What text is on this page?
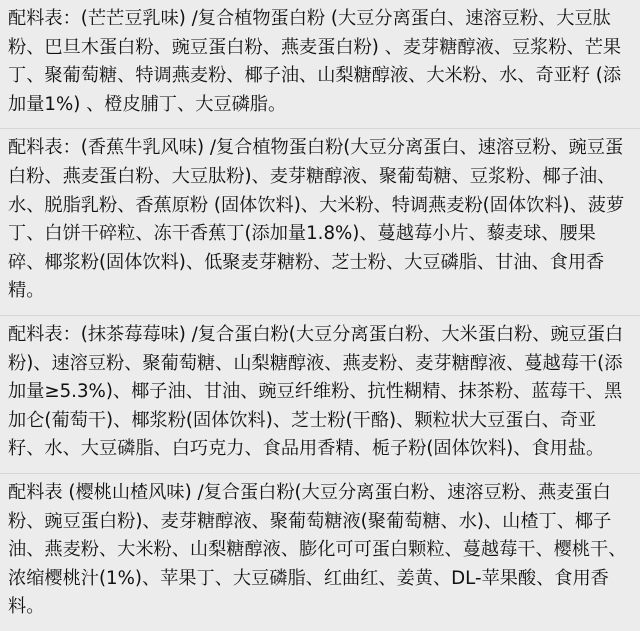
配料表：(芒芒豆乳味) /复合植物蛋白粉 (大豆分离蛋白、速溶豆粉、大豆肽粉、巴旦木蛋白粉、豌豆蛋白粉、燕麦蛋白粉) 、麦芽糖醇液、豆浆粉、芒果丁、聚葡萄糖、特调燕麦粉、椰子油、山梨糖醇液、大米粉、水、奇亚籽 (添加量1%) 、橙皮脯丁、大豆磷脂。

配料表：(香蕉牛乳风味) /复合植物蛋白粉(大豆分离蛋白、速溶豆粉、豌豆蛋白粉、燕麦蛋白粉、大豆肽粉)、麦芽糖醇液、聚葡萄糖、豆浆粉、椰子油、水、脱脂乳粉、香蕉原粉 (固体饮料)、大米粉、特调燕麦粉(固体饮料)、菠萝丁、白饼干碎粒、冻干香蕉丁(添加量1.8%)、蔓越莓小片、藜麦球、腰果碎、椰浆粉(固体饮料)、低聚麦芽糖粉、芝士粉、大豆磷脂、甘油、食用香精。

配料表：(抹茶莓莓味) /复合蛋白粉(大豆分离蛋白粉、大米蛋白粉、豌豆蛋白粉)、速溶豆粉、聚葡萄糖、山梨糖醇液、燕麦粉、麦芽糖醇液、蔓越莓干(添加量≥5.3%)、椰子油、甘油、豌豆纤维粉、抗性糊精、抹茶粉、蓝莓干、黑加仑(葡萄干)、椰浆粉(固体饮料)、芝士粉(干酪)、颗粒状大豆蛋白、奇亚籽、水、大豆磷脂、白巧克力、食品用香精、栀子粉(固体饮料)、食用盐。

配料表 (樱桃山楂风味) /复合蛋白粉(大豆分离蛋白粉、速溶豆粉、燕麦蛋白粉、豌豆蛋白粉)、麦芽糖醇液、聚葡萄糖液(聚葡萄糖、水)、山楂丁、椰子油、燕麦粉、大米粉、山梨糖醇液、膨化可可蛋白颗粒、蔓越莓干、樱桃干、浓缩樱桃汁(1%)、苹果丁、大豆磷脂、红曲红、姜黄、DL-苹果酸、食用香料。
